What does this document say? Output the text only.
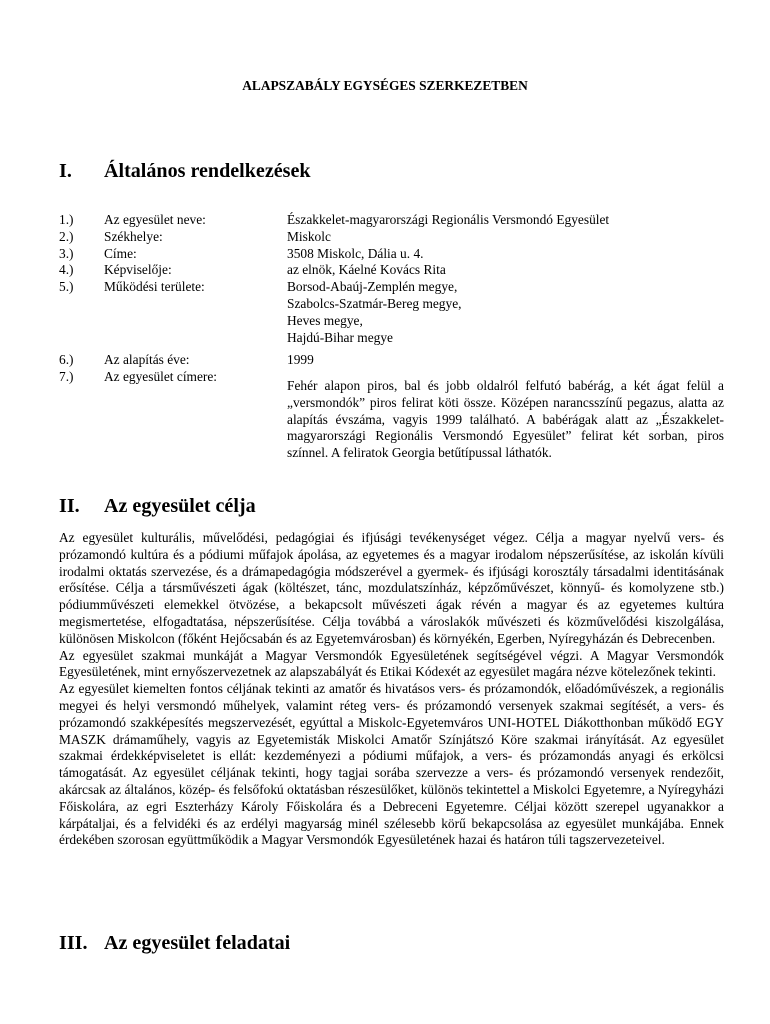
ALAPSZABÁLY EGYSÉGES SZERKEZETBEN
I. Általános rendelkezések
1.) Az egyesület neve:	Északkelet-magyarországi Regionális Versmondó Egyesület
2.) Székhelye:	Miskolc
3.) Címe:	3508 Miskolc, Dália u. 4.
4.) Képviselője:	az elnök, Káelné Kovács Rita
5.) Működési területe:	Borsod-Abaúj-Zemplén megye,
Szabolcs-Szatmár-Bereg megye,
Heves megye,
Hajdú-Bihar megye
6.) Az alapítás éve:	1999
7.) Az egyesület címere:

Fehér alapon piros, bal és jobb oldalról felfutó babérág, a két ágat felül a „versmondók” piros felirat köti össze. Középen narancsszínű pegazus, alatta az alapítás évszáma, vagyis 1999 található. A babérágak alatt az „Északkelet-magyarországi Regionális Versmondó Egyesület” felirat két sorban, piros színnel. A feliratok Georgia betűtípussal láthatók.

II. Az egyesület célja

Az egyesület kulturális, művelődési, pedagógiai és ifjúsági tevékenységet végez. Célja a magyar nyelvű vers- és prózamondó kultúra és a pódiumi műfajok ápolása, az egyetemes és a magyar irodalom népszerűsítése, az iskolán kívüli irodalmi oktatás szervezése, és a drámapedagógia módszerével a gyermek- és ifjúsági korosztály társadalmi identitásának erősítése. Célja a társművészeti ágak (költészet, tánc, mozdulatszínház, képzőművészet, könnyű- és komolyzene stb.) pódiumművészeti elemekkel ötvözése, a bekapcsolt művészeti ágak révén a magyar és az egyetemes kultúra megismertetése, elfogadtatása, népszerűsítése. Célja továbbá a városlakók művészeti és közművelődési kiszolgálása, különösen Miskolcon (főként Hejőcsabán és az Egyetemvárosban) és környékén, Egerben, Nyíregyházán és Debrecenben.

Az egyesület szakmai munkáját a Magyar Versmondók Egyesületének segítségével végzi. A Magyar Versmondók Egyesületének, mint ernyőszervezetnek az alapszabályát és Etikai Kódexét az egyesület magára nézve kötelezőnek tekinti.

Az egyesület kiemelten fontos céljának tekinti az amatőr és hivatásos vers- és prózamondók, előadóművészek, a regionális megyei és helyi versmondó műhelyek, valamint réteg vers- és prózamondó versenyek szakmai segítését, a vers- és prózamondó szakképesítés megszervezését, egyúttal a Miskolc-Egyetemváros UNI-HOTEL Diákotthonban működő EGY MASZK drámaműhely, vagyis az Egyetemisták Miskolci Amatőr Színjátszó Köre szakmai irányítását. Az egyesület szakmai érdekképviseletet is ellát: kezdeményezi a pódiumi műfajok, a vers- és prózamondás anyagi és erkölcsi támogatását. Az egyesület céljának tekinti, hogy tagjai sorába szervezze a vers- és prózamondó versenyek rendezőit, akárcsak az általános, közép- és felsőfokú oktatásban részesülőket, különös tekintettel a Miskolci Egyetemre, a Nyíregyházi Főiskolára, az egri Eszterházy Károly Főiskolára és a Debreceni Egyetemre. Céljai között szerepel ugyanakkor a kárpátaljai, és a felvidéki és az erdélyi magyarság minél szélesebb körű bekapcsolása az egyesület munkájába. Ennek érdekében szorosan együttműködik a Magyar Versmondók Egyesületének hazai és határon túli tagszervezeteivel.

III. Az egyesület feladatai
